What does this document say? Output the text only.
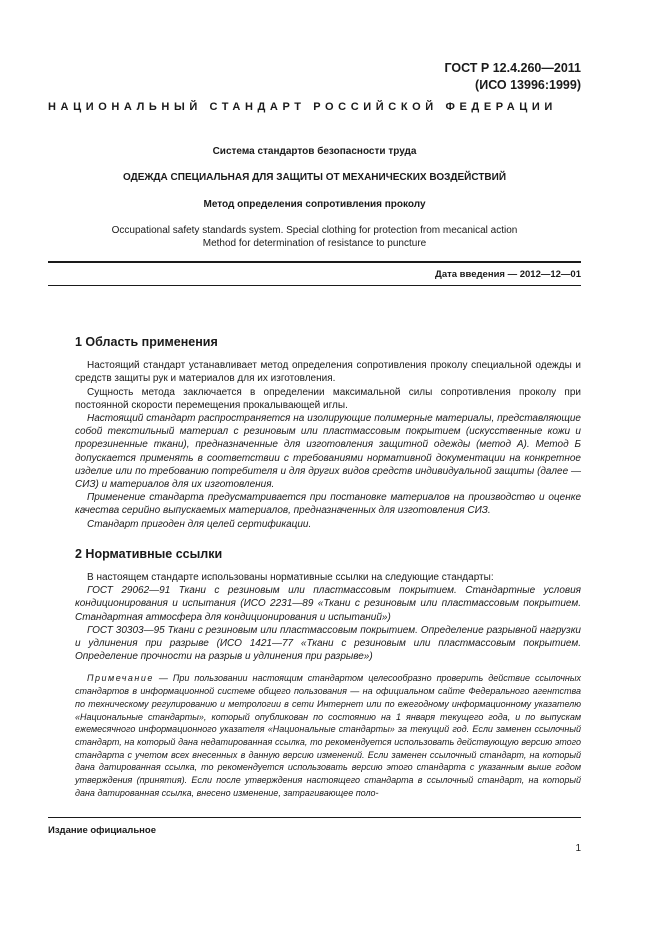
ГОСТ Р 12.4.260—2011
(ИСО 13996:1999)
НАЦИОНАЛЬНЫЙ СТАНДАРТ РОССИЙСКОЙ ФЕДЕРАЦИИ
Система стандартов безопасности труда
ОДЕЖДА СПЕЦИАЛЬНАЯ ДЛЯ ЗАЩИТЫ ОТ МЕХАНИЧЕСКИХ ВОЗДЕЙСТВИЙ
Метод определения сопротивления проколу
Occupational safety standards system. Special clothing for protection from mecanical action
Method for determination of resistance to puncture
Дата введения — 2012—12—01
1 Область применения

Настоящий стандарт устанавливает метод определения сопротивления проколу специальной одежды и средств защиты рук и материалов для их изготовления.

Сущность метода заключается в определении максимальной силы сопротивления проколу при постоянной скорости перемещения прокалывающей иглы.

Настоящий стандарт распространяется на изолирующие полимерные материалы, представляющие собой текстильный материал с резиновым или пластмассовым покрытием (искусственные кожи и прорезиненные ткани), предназначенные для изготовления защитной одежды (метод А). Метод Б допускается применять в соответствии с требованиями нормативной документации на конкретное изделие или по требованию потребителя и для других видов средств индивидуальной защиты (далее — СИЗ) и материалов для их изготовления.

Применение стандарта предусматривается при постановке материалов на производство и оценке качества серийно выпускаемых материалов, предназначенных для изготовления СИЗ.

Стандарт пригоден для целей сертификации.

2 Нормативные ссылки

В настоящем стандарте использованы нормативные ссылки на следующие стандарты:

ГОСТ 29062—91 Ткани с резиновым или пластмассовым покрытием. Стандартные условия кондиционирования и испытания (ИСО 2231—89 «Ткани с резиновым или пластмассовым покрытием. Стандартная атмосфера для кондиционирования и испытаний»)

ГОСТ 30303—95 Ткани с резиновым или пластмассовым покрытием. Определение разрывной нагрузки и удлинения при разрыве (ИСО 1421—77 «Ткани с резиновым или пластмассовым покрытием. Определение прочности на разрыв и удлинения при разрыве»)

Примечание — При пользовании настоящим стандартом целесообразно проверить действие ссылочных стандартов в информационной системе общего пользования — на официальном сайте Федерального агентства по техническому регулированию и метрологии в сети Интернет или по ежегодному информационному указателю «Национальные стандарты», который опубликован по состоянию на 1 января текущего года, и по выпускам ежемесячного информационного указателя «Национальные стандарты» за текущий год. Если заменен ссылочный стандарт, на который дана недатированная ссылка, то рекомендуется использовать действующую версию этого стандарта с учетом всех внесенных в данную версию изменений. Если заменен ссылочный стандарт, на который дана датированная ссылка, то рекомендуется использовать версию этого стандарта с указанным выше годом утверждения (принятия). Если после утверждения настоящего стандарта в ссылочный стандарт, на который дана датированная ссылка, внесено изменение, затрагивающее поло-

Издание официальное
1
